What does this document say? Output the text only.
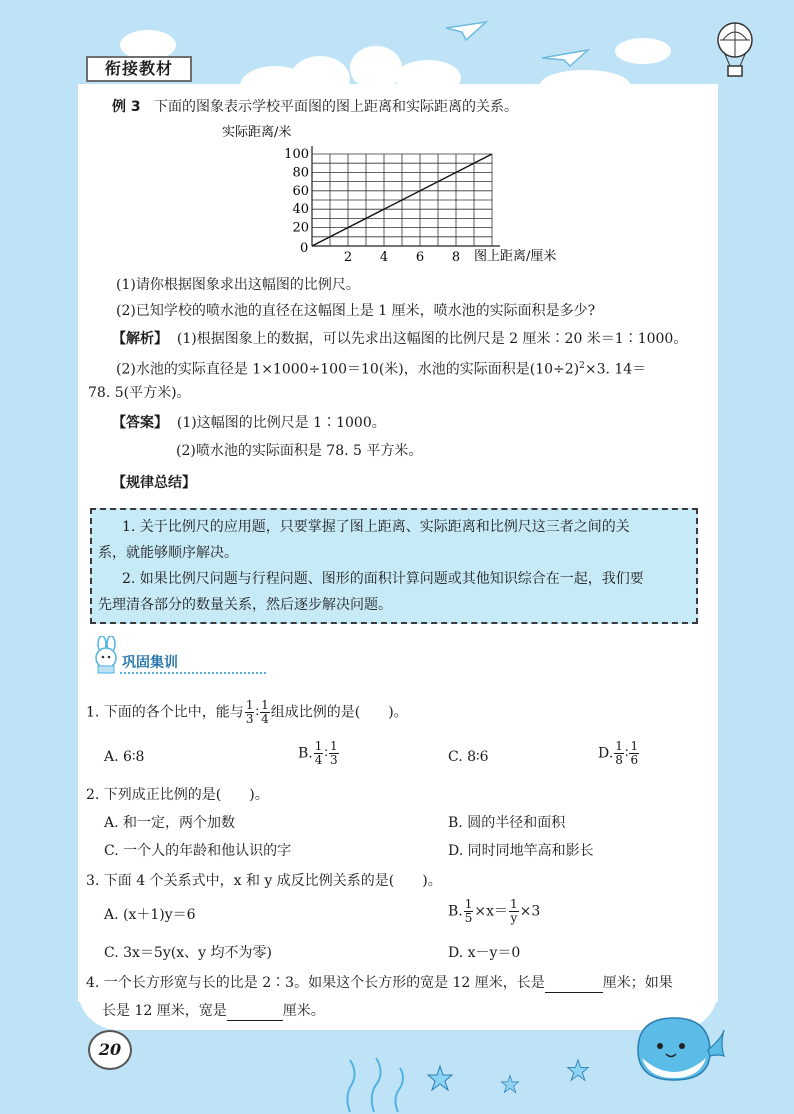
衔接教材
例 3 下面的图象表示学校平面图的图上距离和实际距离的关系。
实际距离/米
100
80
60
40
20
2 4 6 8
0
图上距离/厘米
(1)请你根据图象求出这幅图的比例尺。
(2)已知学校的喷水池的直径在这幅图上是 1 厘米，喷水池的实际面积是多少?
【解析】 (1)根据图象上的数据，可以先求出这幅图的比例尺是 2 厘米∶20 米＝1∶1000。
(2)水池的实际直径是 1×1000÷100＝10(米)，水池的实际面积是$(10\div 2)^2\times 3$. 14＝
78. 5(平方米)。
【答案】 (1)这幅图的比例尺是 1∶1000。
(2)喷水池的实际面积是 78. 5 平方米。
【规律总结】
1. 关于比例尺的应用题，只要掌握了图上距离、实际距离和比例尺这三者之间的关
系，就能够顺序解决。
2. 如果比例尺问题与行程问题、图形的面积计算问题或其他知识综合在一起，我们要
先理清各部分的数量关系，然后逐步解决问题。
巩固集训
1. 下面的各个比中，能与 $\frac{1}{3}$ ∶ $\frac{1}{4}$ 组成比例的是(　　)。
A. 6∶8	B. $\frac{1}{4}$ ∶ $\frac{1}{3}$	C. 8∶6	D. $\frac{1}{8}$ ∶ $\frac{1}{6}$
2. 下列成正比例的是(　　)。
A. 和一定，两个加数	B. 圆的半径和面积
C. 一个人的年龄和他认识的字	D. 同时同地竿高和影长
3. 下面 4 个关系式中，x 和 y 成反比例关系的是(　　)。
A. (x＋1)y＝6	B. $\frac{1}{5} \times x= \frac{1}{y} \times 3$
C. 3x＝5y(x、y 均不为零)	D. x－y＝0
4. 一个长方形宽与长的比是 2∶3。如果这个长方形的宽是 12 厘米，长是	厘米；如果
长是 12 厘米，宽是	厘米。
20
